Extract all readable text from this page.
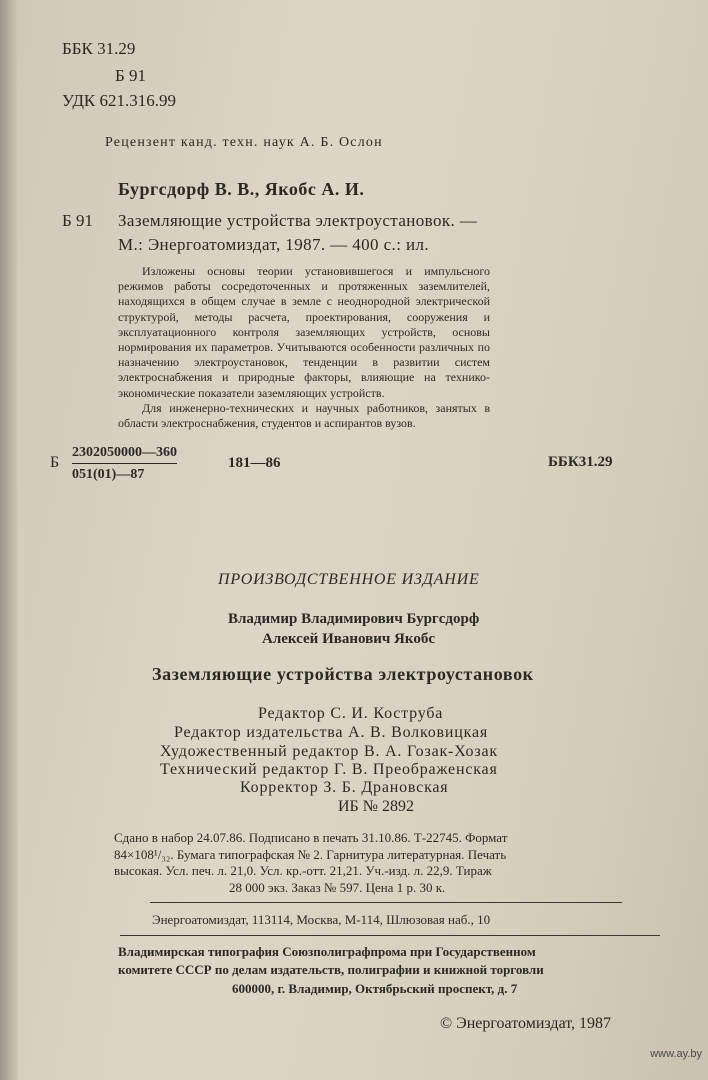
ББК 31.29
Б 91
УДК 621.316.99
Рецензент канд. техн. наук А. Б. Ослон
Бургсдорф В. В., Якобс А. И.
Б 91 Заземляющие устройства электроустановок. —
М.: Энергоатомиздат, 1987. — 400 с.: ил.

Изложены основы теории установившегося и импульсного режимов работы сосредоточенных и протяженных заземлителей, находящихся в общем случае в земле с неоднородной электрической структурой, методы расчета, проектирования, сооружения и эксплуатационного контроля заземляющих устройств, основы нормирования их параметров. Учитываются особенности различных по назначению электроустановок, тенденции в развитии систем электроснабжения и природные факторы, влияющие на технико-экономические показатели заземляющих устройств.

Для инженерно-технических и научных работников, занятых в области электроснабжения, студентов и аспирантов вузов.

Б $\frac{2302050000—360}{051(01)—87}$	181—86	ББК31.29
ПРОИЗВОДСТВЕННОЕ ИЗДАНИЕ
Владимир Владимирович Бургсдорф
Алексей Иванович Якобс
Заземляющие устройства электроустановок
Редактор С. И. Коструба
Редактор издательства А. В. Волковицкая
Художественный редактор В. А. Гозак-Хозак
Технический редактор Г. В. Преображенская
Корректор З. Б. Драновская
ИБ № 2892
Сдано в набор 24.07.86. Подписано в печать 31.10.86. Т-22745. Формат
84×108¹/₃₂. Бумага типографская № 2. Гарнитура литературная. Печать
высокая. Усл. печ. л. 21,0. Усл. кр.-отт. 21,21. Уч.-изд. л. 22,9. Тираж
28 000 экз. Заказ № 597. Цена 1 р. 30 к.
Энергоатомиздат, 113114, Москва, М-114, Шлюзовая наб., 10
Владимирская типография Союзполиграфпрома при Государственном
комитете СССР по делам издательств, полиграфии и книжной торговли
600000, г. Владимир, Октябрьский проспект, д. 7
© Энергоатомиздат, 1987
www.ay.by
